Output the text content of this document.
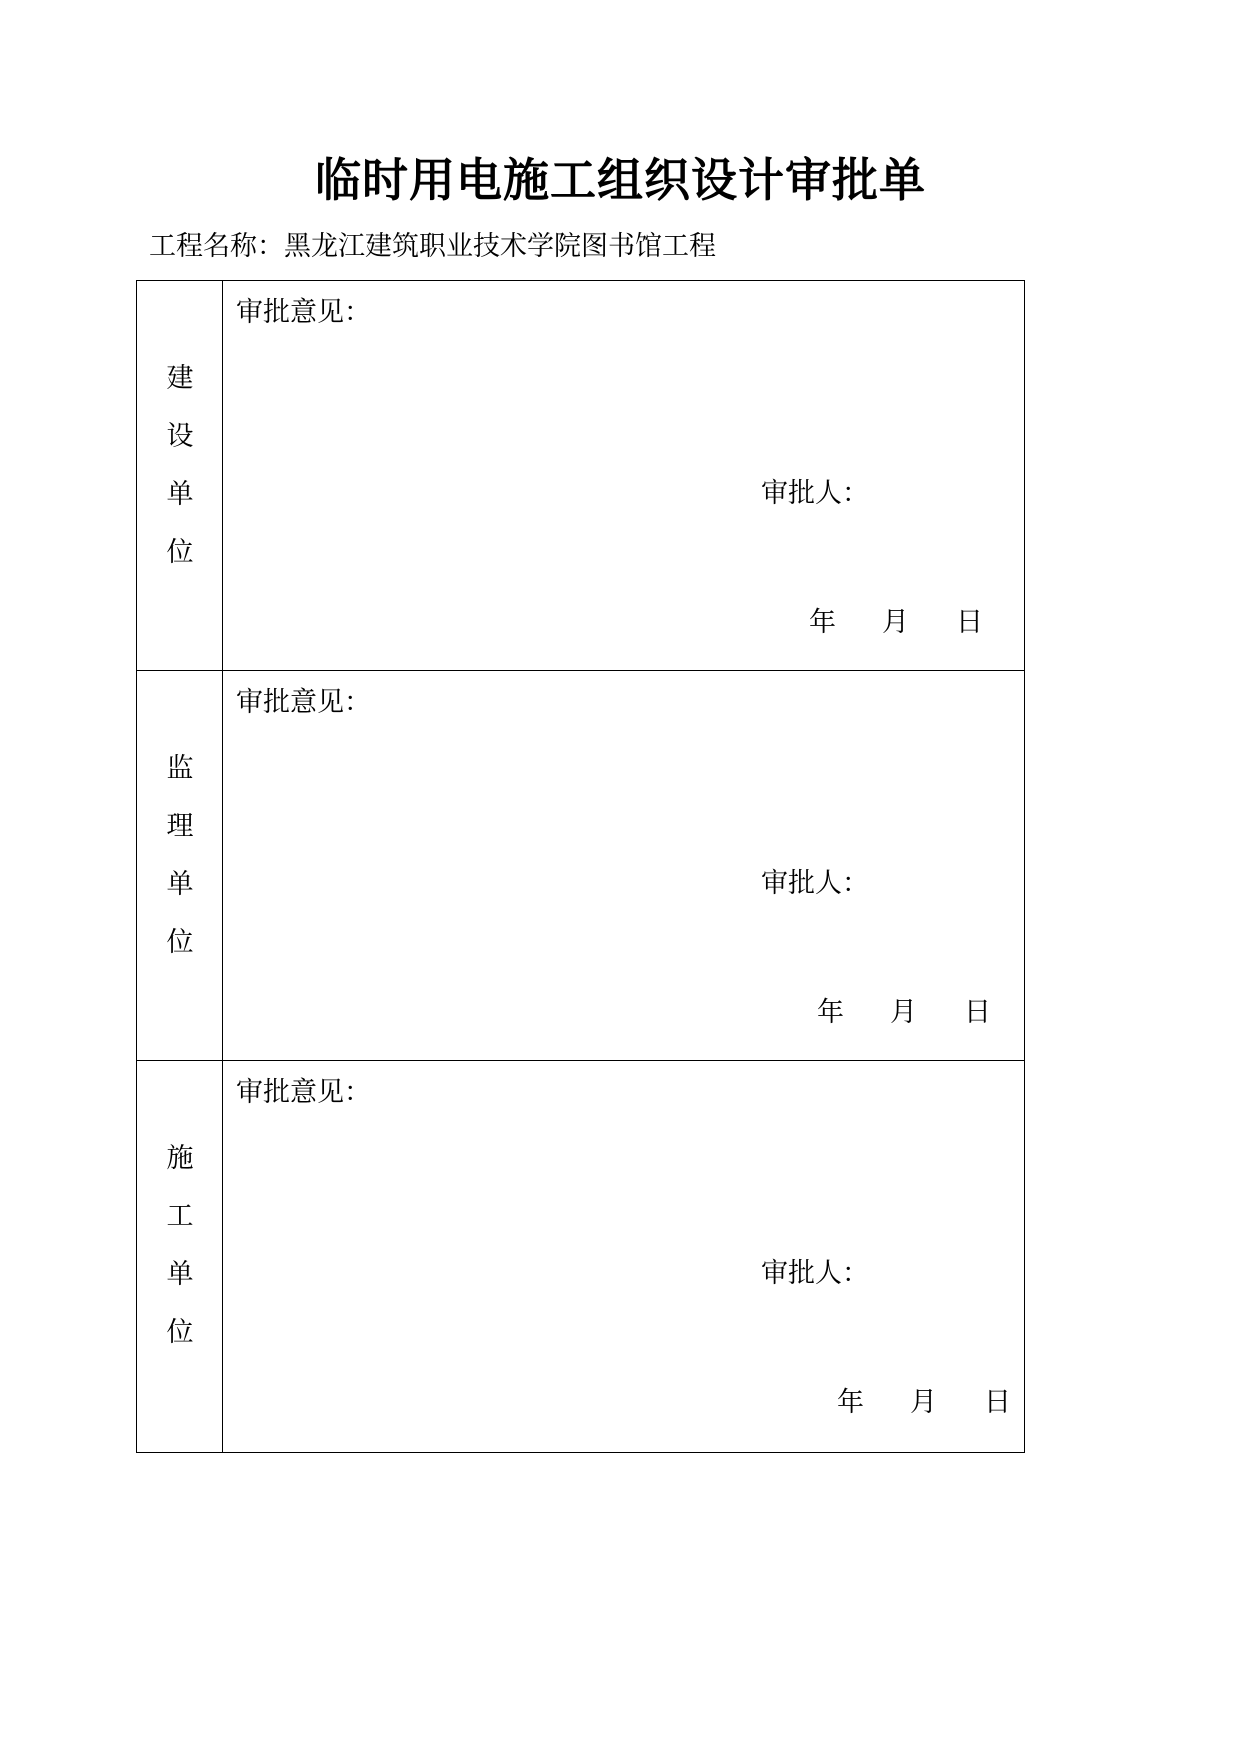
临时用电施工组织设计审批单
工程名称：黑龙江建筑职业技术学院图书馆工程
建
设
单
位
审批意见：
审批人：
年 月 日
监
理
单
位
审批意见：
审批人：
年 月 日
施
工
单
位
审批意见：
审批人：
年 月 日
